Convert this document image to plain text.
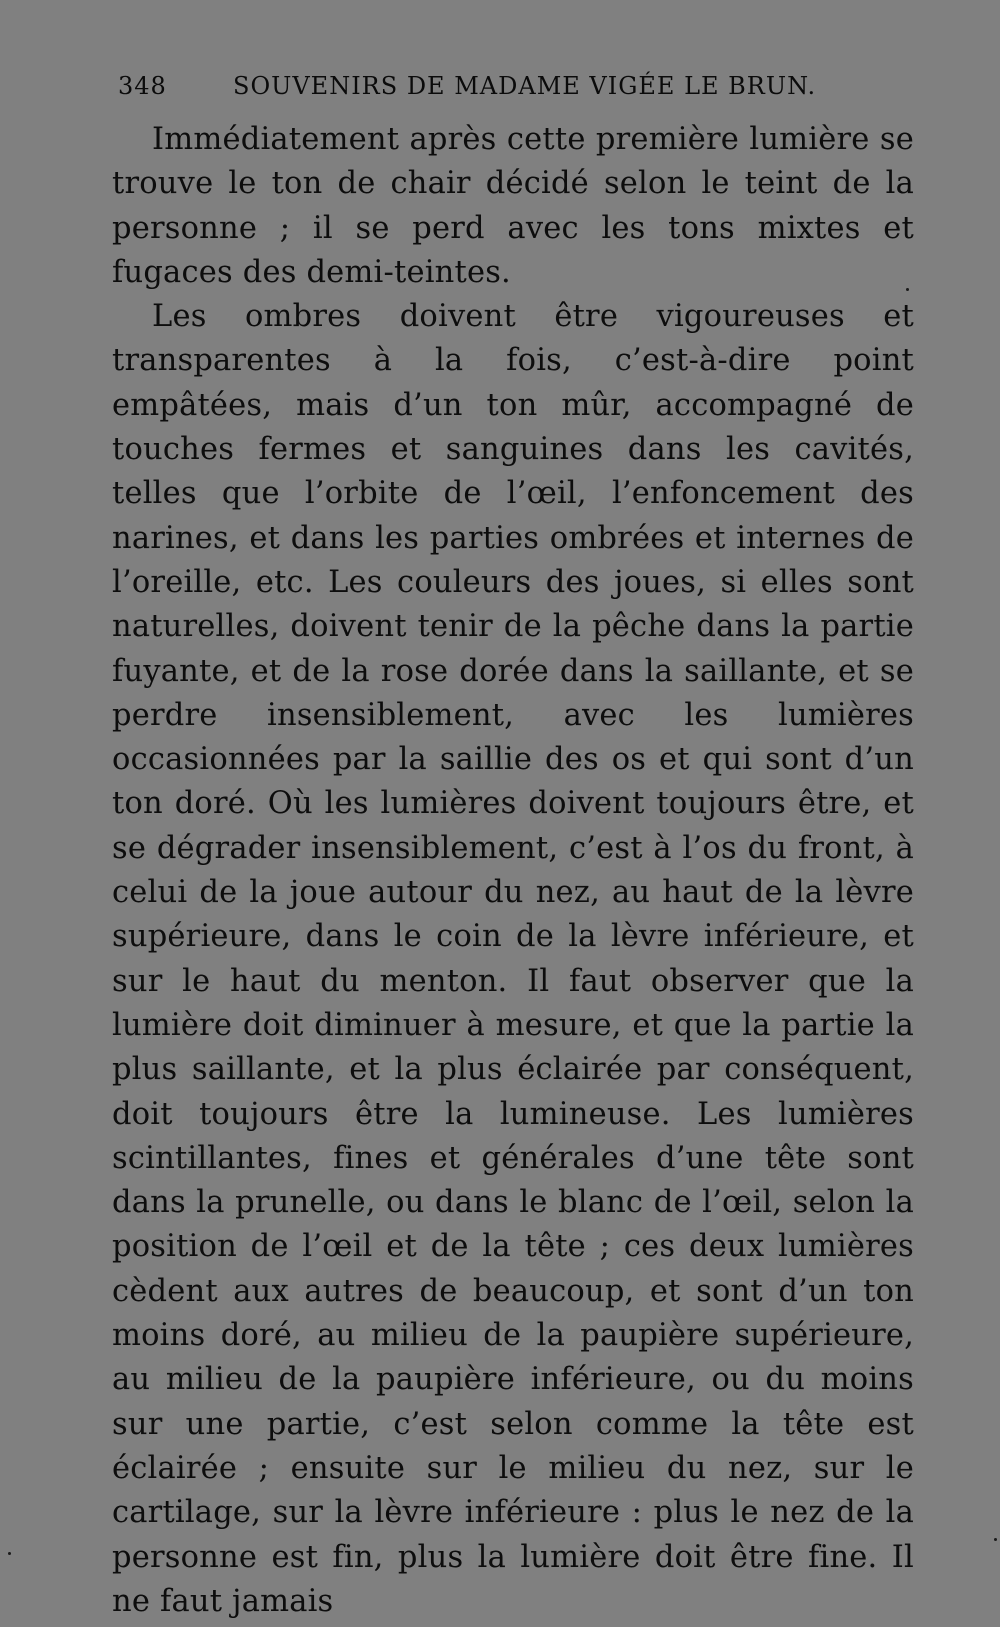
348	SOUVENIRS DE MADAME VIGÉE LE BRUN.

Immédiatement après cette première lumière se trouve le ton de chair décidé selon le teint de la personne ; il se perd avec les tons mixtes et fugaces des demi-teintes.

Les ombres doivent être vigoureuses et transparentes à la fois, c’est-à-dire point empâtées, mais d’un ton mûr, accompagné de touches fermes et sanguines dans les cavités, telles que l’orbite de l’œil, l’enfoncement des narines, et dans les parties ombrées et internes de l’oreille, etc. Les couleurs des joues, si elles sont naturelles, doivent tenir de la pêche dans la partie fuyante, et de la rose dorée dans la saillante, et se perdre insensiblement, avec les lumières occasionnées par la saillie des os et qui sont d’un ton doré. Où les lumières doivent toujours être, et se dégrader insensiblement, c’est à l’os du front, à celui de la joue autour du nez, au haut de la lèvre supérieure, dans le coin de la lèvre inférieure, et sur le haut du menton. Il faut observer que la lumière doit diminuer à mesure, et que la partie la plus saillante, et la plus éclairée par conséquent, doit toujours être la lumineuse. Les lumières scintillantes, fines et générales d’une tête sont dans la prunelle, ou dans le blanc de l’œil, selon la position de l’œil et de la tête ; ces deux lumières cèdent aux autres de beaucoup, et sont d’un ton moins doré, au milieu de la paupière supérieure, au milieu de la paupière inférieure, ou du moins sur une partie, c’est selon comme la tête est éclairée ; ensuite sur le milieu du nez, sur le cartilage, sur la lèvre inférieure : plus le nez de la personne est fin, plus la lumière doit être fine. Il ne faut jamais
